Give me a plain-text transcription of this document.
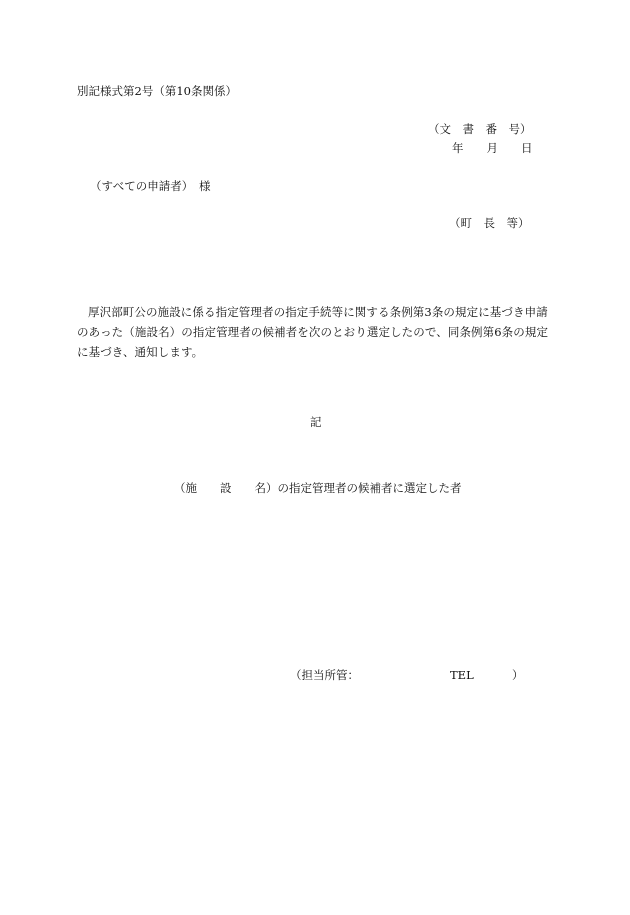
別記様式第2号（第10条関係）
（文　書　番　号）
年　　月　　日
（すべての申請者）　様
（町　長　等）
厚沢部町公の施設に係る指定管理者の指定手続等に関する条例第3条の規定に基づき申請のあった（施設名）の指定管理者の候補者を次のとおり選定したので、同条例第6条の規定に基づき、通知します。
記
（施　　設　　名）の指定管理者の候補者に選定した者
（担当所管：	TEL	）
